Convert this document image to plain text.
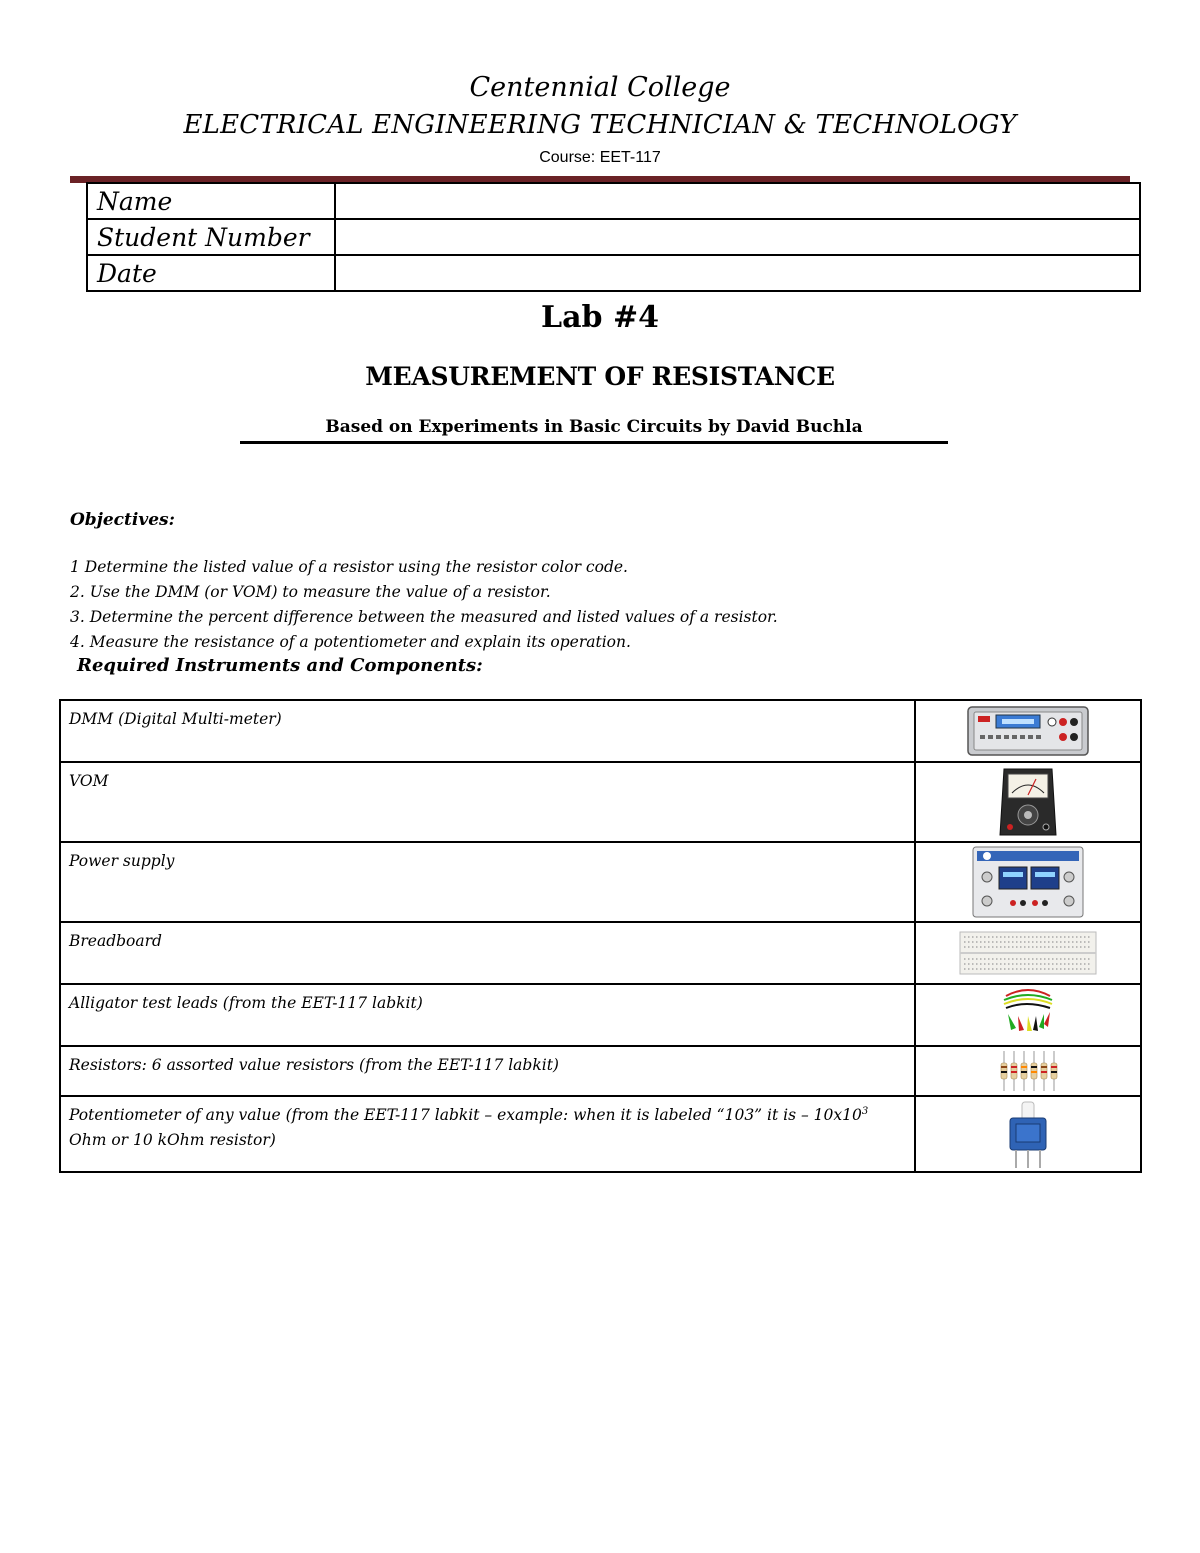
Centennial College
ELECTRICAL ENGINEERING TECHNICIAN & TECHNOLOGY
Course: EET-117
Name	
Student Number	
Date	
Lab #4
MEASUREMENT OF RESISTANCE
Based on Experiments in Basic Circuits by David Buchla
Objectives:
1 Determine the listed value of a resistor using the resistor color code.
2. Use the DMM (or VOM) to measure the value of a resistor.
3. Determine the percent difference between the measured and listed values of a resistor.
4. Measure the resistance of a potentiometer and explain its operation.
Required Instruments and Components:
DMM (Digital Multi-meter)	

VOM	

Power supply	

Breadboard	

Alligator test leads (from the EET-117 labkit)	

Resistors: 6 assorted value resistors (from the EET-117 labkit)	

Potentiometer of any value (from the EET-117 labkit – example: when it is labeled “103” it is – $10x10^3$ Ohm or 10 kOhm resistor)	
